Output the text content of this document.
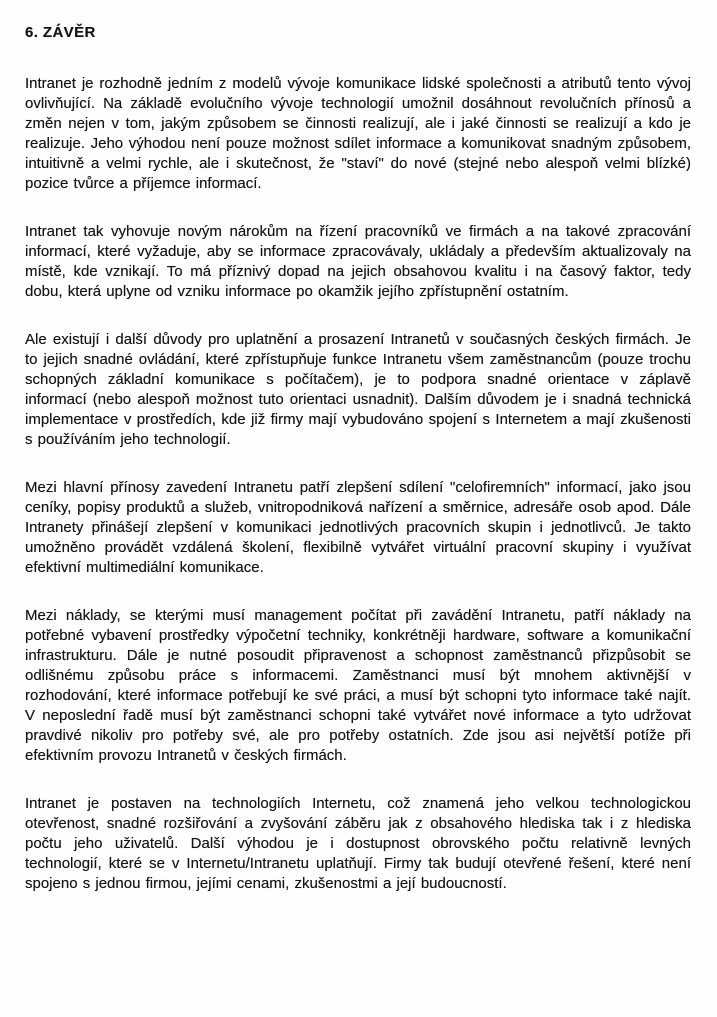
6. ZÁVĚR

Intranet je rozhodně jedním z modelů vývoje komunikace lidské společnosti a atributů tento vývoj ovlivňující. Na základě evolučního vývoje technologií umožnil dosáhnout revolučních přínosů a změn nejen v tom, jakým způsobem se činnosti realizují, ale i jaké činnosti se realizují a kdo je realizuje. Jeho výhodou není pouze možnost sdílet informace a komunikovat snadným způsobem, intuitivně a velmi rychle, ale i skutečnost, že "staví" do nové (stejné nebo alespoň velmi blízké) pozice tvůrce a příjemce informací.

Intranet tak vyhovuje novým nárokům na řízení pracovníků ve firmách a na takové zpracování informací, které vyžaduje, aby se informace zpracovávaly, ukládaly a především aktualizovaly na místě, kde vznikají. To má příznivý dopad na jejich obsahovou kvalitu i na časový faktor, tedy dobu, která uplyne od vzniku informace po okamžik jejího zpřístupnění ostatním.

Ale existují i další důvody pro uplatnění a prosazení Intranetů v současných českých firmách. Je to jejich snadné ovládání, které zpřístupňuje funkce Intranetu všem zaměstnancům (pouze trochu schopných základní komunikace s počítačem), je to podpora snadné orientace v záplavě informací (nebo alespoň možnost tuto orientaci usnadnit). Dalším důvodem je i snadná technická implementace v prostředích, kde již firmy mají vybudováno spojení s Internetem a mají zkušenosti s používáním jeho technologií.

Mezi hlavní přínosy zavedení Intranetu patří zlepšení sdílení "celofiremních" informací, jako jsou ceníky, popisy produktů a služeb, vnitropodniková nařízení a směrnice, adresáře osob apod. Dále Intranety přinášejí zlepšení v komunikaci jednotlivých pracovních skupin i jednotlivců. Je takto umožněno provádět vzdálená školení, flexibilně vytvářet virtuální pracovní skupiny i využívat efektivní multimediální komunikace.

Mezi náklady, se kterými musí management počítat při zavádění Intranetu, patří náklady na potřebné vybavení prostředky výpočetní techniky, konkrétněji hardware, software a komunikační infrastrukturu. Dále je nutné posoudit připravenost a schopnost zaměstnanců přizpůsobit se odlišnému způsobu práce s informacemi. Zaměstnanci musí být mnohem aktivnější v rozhodování, které informace potřebují ke své práci, a musí být schopni tyto informace také najít. V neposlední řadě musí být zaměstnanci schopni také vytvářet nové informace a tyto udržovat pravdivé nikoliv pro potřeby své, ale pro potřeby ostatních. Zde jsou asi největší potíže při efektivním provozu Intranetů v českých firmách.

Intranet je postaven na technologiích Internetu, což znamená jeho velkou technologickou otevřenost, snadné rozšiřování a zvyšování záběru jak z obsahového hlediska tak i z hlediska počtu jeho uživatelů. Další výhodou je i dostupnost obrovského počtu relativně levných technologií, které se v Internetu/Intranetu uplatňují. Firmy tak budují otevřené řešení, které není spojeno s jednou firmou, jejími cenami, zkušenostmi a její budoucností.
